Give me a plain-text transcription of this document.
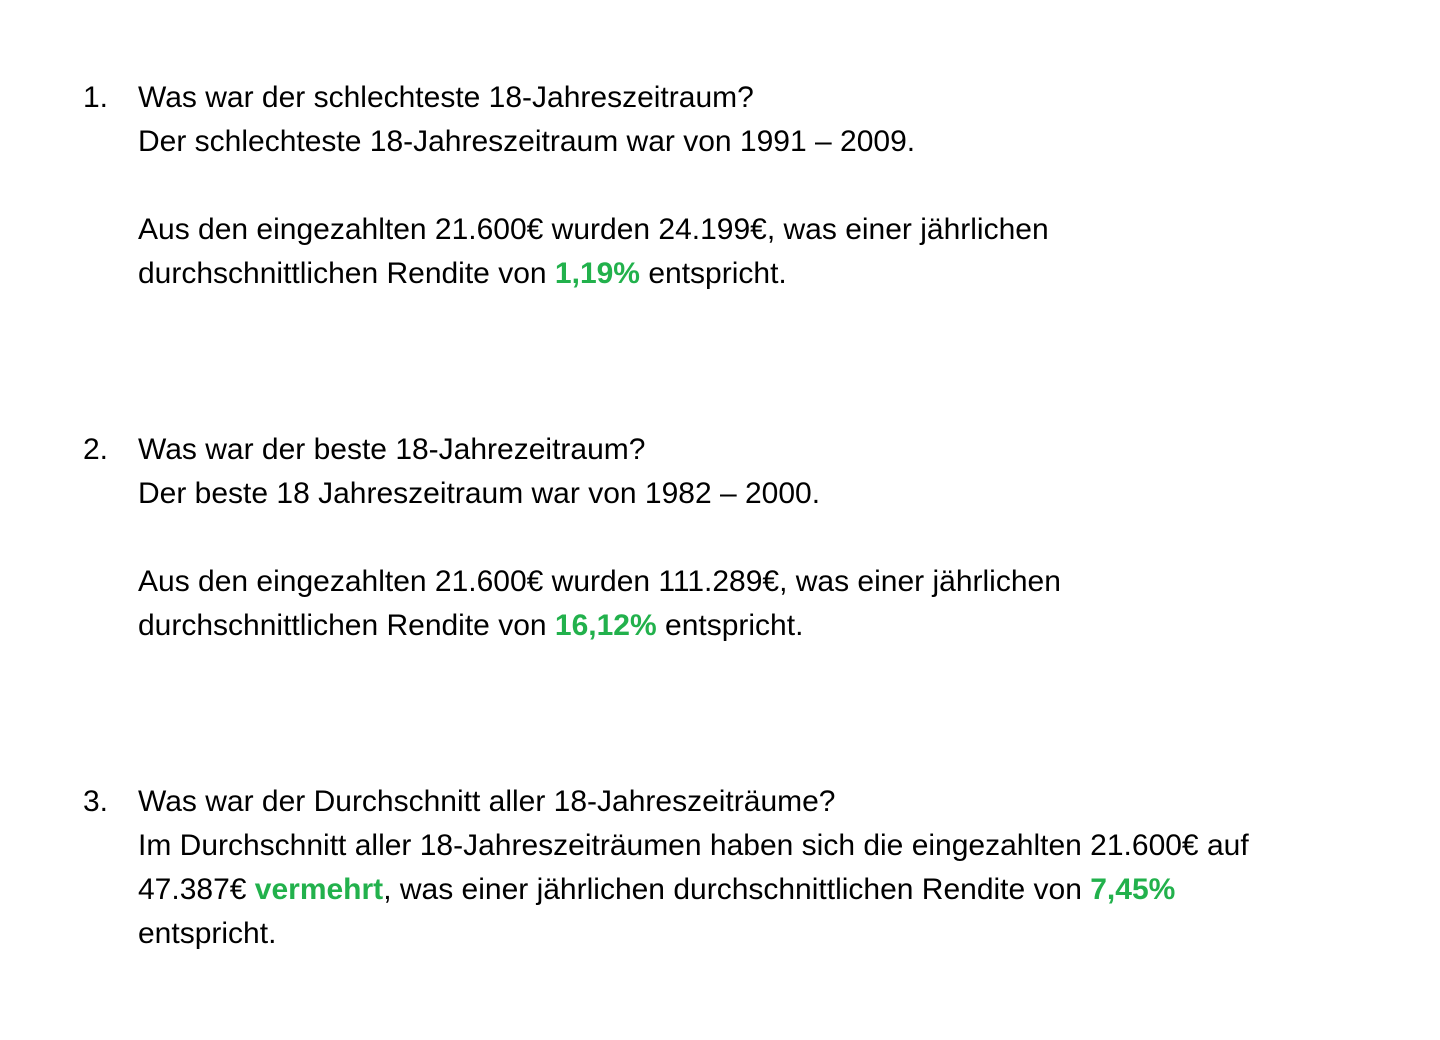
1. Was war der schlechteste 18-Jahreszeitraum?
Der schlechteste 18-Jahreszeitraum war von 1991 – 2009.
Aus den eingezahlten 21.600€ wurden 24.199€, was einer jährlichen
durchschnittlichen Rendite von 1,19% entspricht.
2. Was war der beste 18-Jahrezeitraum?
Der beste 18 Jahreszeitraum war von 1982 – 2000.
Aus den eingezahlten 21.600€ wurden 111.289€, was einer jährlichen
durchschnittlichen Rendite von 16,12% entspricht.
3. Was war der Durchschnitt aller 18-Jahreszeiträume?
Im Durchschnitt aller 18-Jahreszeiträumen haben sich die eingezahlten 21.600€ auf
47.387€ vermehrt, was einer jährlichen durchschnittlichen Rendite von 7,45%
entspricht.
